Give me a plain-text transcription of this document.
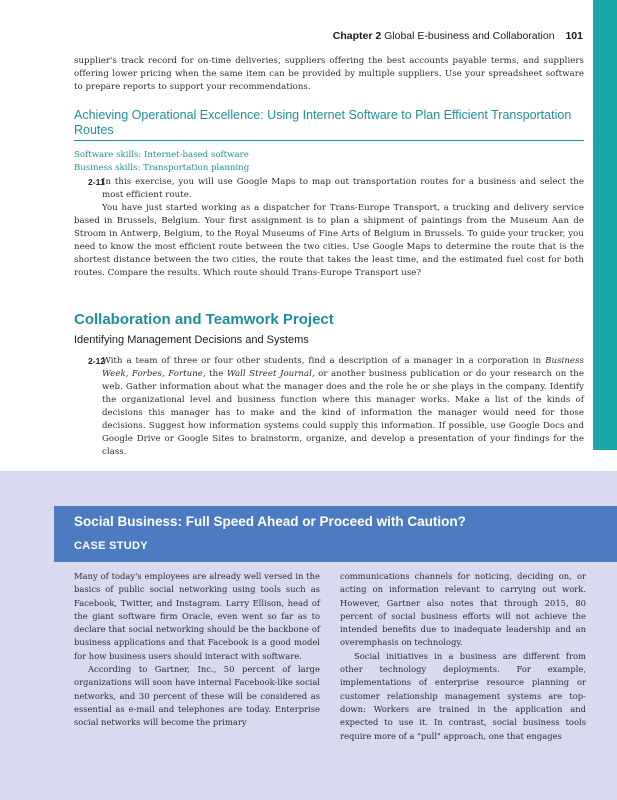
Chapter 2 Global E-business and Collaboration 101

supplier's track record for on-time deliveries, suppliers offering the best accounts payable terms, and suppliers offering lower pricing when the same item can be provided by multiple suppliers. Use your spreadsheet software to prepare reports to support your recommendations.

Achieving Operational Excellence: Using Internet Software to Plan Efficient Transportation Routes

Software skills: Internet-based software

Business skills: Transportation planning

2-11

In this exercise, you will use Google Maps to map out transportation routes for a business and select the most efficient route.

You have just started working as a dispatcher for Trans-Europe Transport, a trucking and delivery service based in Brussels, Belgium. Your first assignment is to plan a shipment of paintings from the Museum Aan de Stroom in Antwerp, Belgium, to the Royal Museums of Fine Arts of Belgium in Brussels. To guide your trucker, you need to know the most efficient route between the two cities. Use Google Maps to determine the route that is the shortest distance between the two cities, the route that takes the least time, and the estimated fuel cost for both routes. Compare the results. Which route should Trans-Europe Transport use?

Collaboration and Teamwork Project

Identifying Management Decisions and Systems

2-12

With a team of three or four other students, find a description of a manager in a corporation in Business Week, Forbes, Fortune, the Wall Street Journal, or another business publication or do your research on the web. Gather information about what the manager does and the role he or she plays in the company. Identify the organizational level and business function where this manager works. Make a list of the kinds of decisions this manager has to make and the kind of information the manager would need for those decisions. Suggest how information systems could supply this information. If possible, use Google Docs and Google Drive or Google Sites to brainstorm, organize, and develop a presentation of your findings for the class.

Social Business: Full Speed Ahead or Proceed with Caution?
CASE STUDY

Many of today's employees are already well versed in the basics of public social networking using tools such as Facebook, Twitter, and Instagram. Larry Ellison, head of the giant software firm Oracle, even went so far as to declare that social networking should be the backbone of business applications and that Facebook is a good model for how business users should interact with software.

According to Gartner, Inc., 50 percent of large organizations will soon have internal Facebook-like social networks, and 30 percent of these will be considered as essential as e-mail and telephones are today. Enterprise social networks will become the primary

communications channels for noticing, deciding on, or acting on information relevant to carrying out work. However, Gartner also notes that through 2015, 80 percent of social business efforts will not achieve the intended benefits due to inadequate leadership and an overemphasis on technology.

Social initiatives in a business are different from other technology deployments. For example, implementations of enterprise resource planning or customer relationship management systems are top-down: Workers are trained in the application and expected to use it. In contrast, social business tools require more of a "pull" approach, one that engages
